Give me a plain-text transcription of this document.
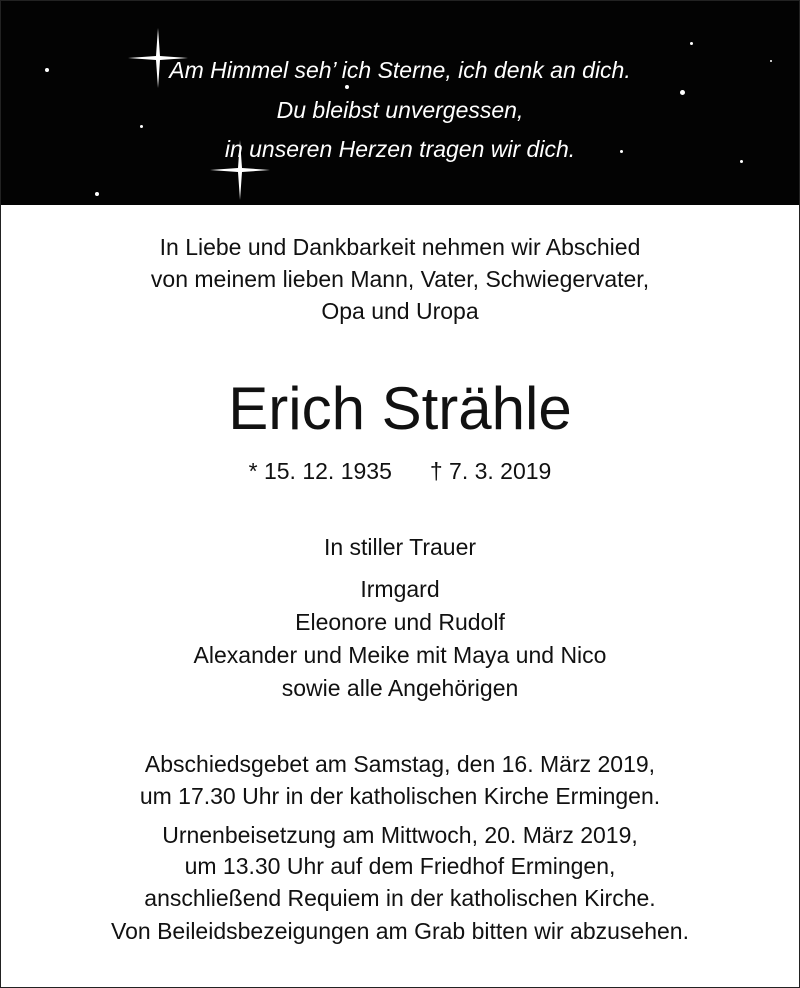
Am Himmel seh’ ich Sterne, ich denk an dich.
Du bleibst unvergessen,
in unseren Herzen tragen wir dich.
In Liebe und Dankbarkeit nehmen wir Abschied
von meinem lieben Mann, Vater, Schwiegervater,
Opa und Uropa
Erich Strähle
* 15. 12. 1935 † 7. 3. 2019
In stiller Trauer
Irmgard
Eleonore und Rudolf
Alexander und Meike mit Maya und Nico
sowie alle Angehörigen
Abschiedsgebet am Samstag, den 16. März 2019,
um 17.30 Uhr in der katholischen Kirche Ermingen.
Urnenbeisetzung am Mittwoch, 20. März 2019,
um 13.30 Uhr auf dem Friedhof Ermingen,
anschließend Requiem in der katholischen Kirche.
Von Beileidsbezeigungen am Grab bitten wir abzusehen.
